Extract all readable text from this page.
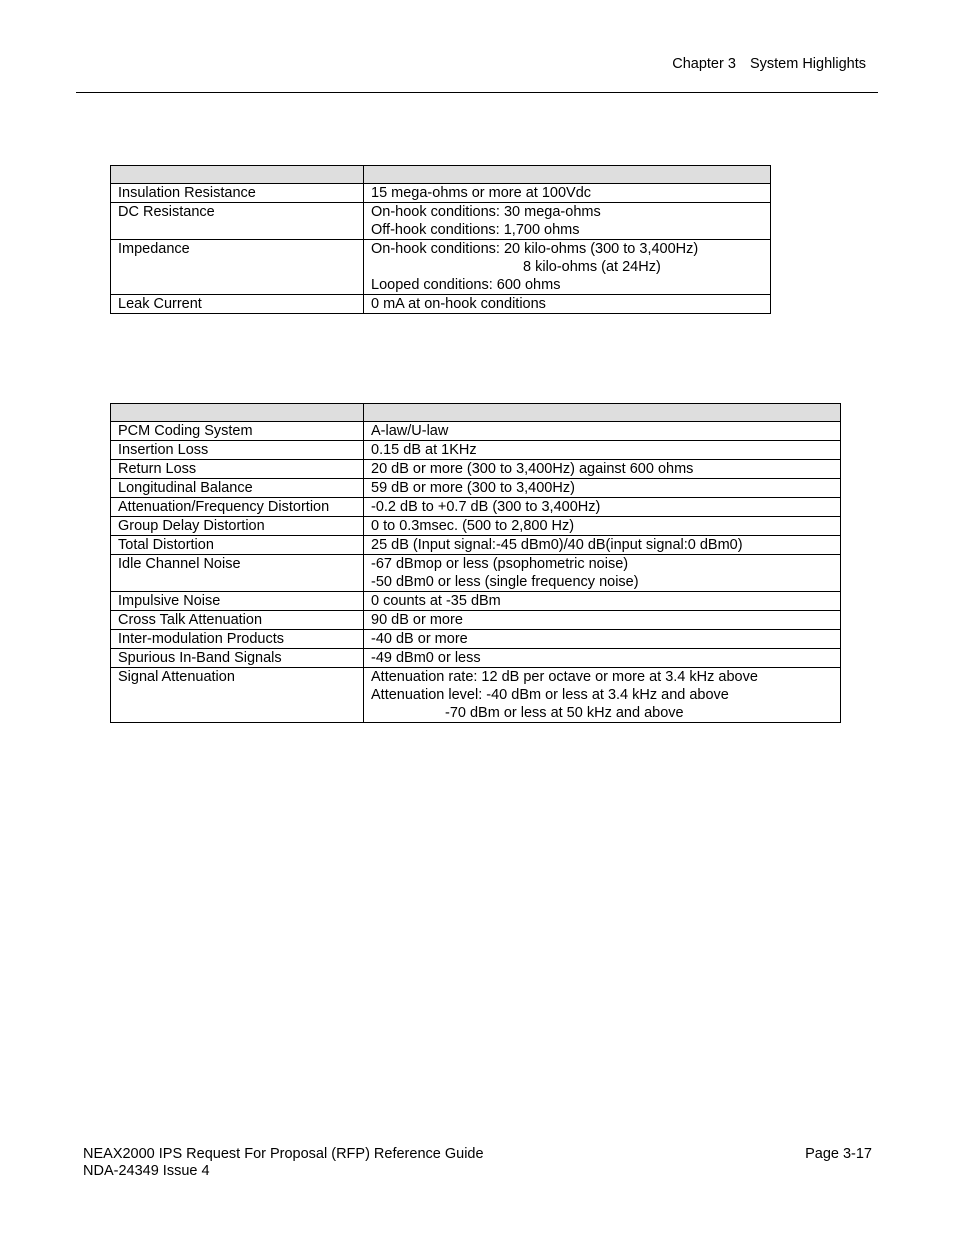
Chapter 3 System Highlights

Insulation Resistance	15 mega-ohms or more at 100Vdc

DC Resistance	On-hook conditions: 30 mega-ohms
Off-hook conditions: 1,700 ohms

Impedance	On-hook conditions: 20 kilo-ohms (300 to 3,400Hz)
8 kilo-ohms (at 24Hz)
Looped conditions: 600 ohms

Leak Current	0 mA at on-hook conditions

PCM Coding System	A-law/U-law

Insertion Loss	0.15 dB at 1KHz

Return Loss	20 dB or more (300 to 3,400Hz) against 600 ohms

Longitudinal Balance	59 dB or more (300 to 3,400Hz)

Attenuation/Frequency Distortion	-0.2 dB to +0.7 dB (300 to 3,400Hz)

Group Delay Distortion	0 to 0.3msec. (500 to 2,800 Hz)

Total Distortion	25 dB (Input signal:-45 dBm0)/40 dB(input signal:0 dBm0)

Idle Channel Noise	-67 dBmop or less (psophometric noise)
-50 dBm0 or less (single frequency noise)

Impulsive Noise	0 counts at -35 dBm

Cross Talk Attenuation	90 dB or more

Inter-modulation Products	-40 dB or more

Spurious In-Band Signals	-49 dBm0 or less

Signal Attenuation	Attenuation rate: 12 dB per octave or more at 3.4 kHz above
Attenuation level: -40 dBm or less at 3.4 kHz and above
-70 dBm or less at 50 kHz and above
NEAX2000 IPS Request For Proposal (RFP) Reference Guide
NDA-24349 Issue 4
Page 3-17
